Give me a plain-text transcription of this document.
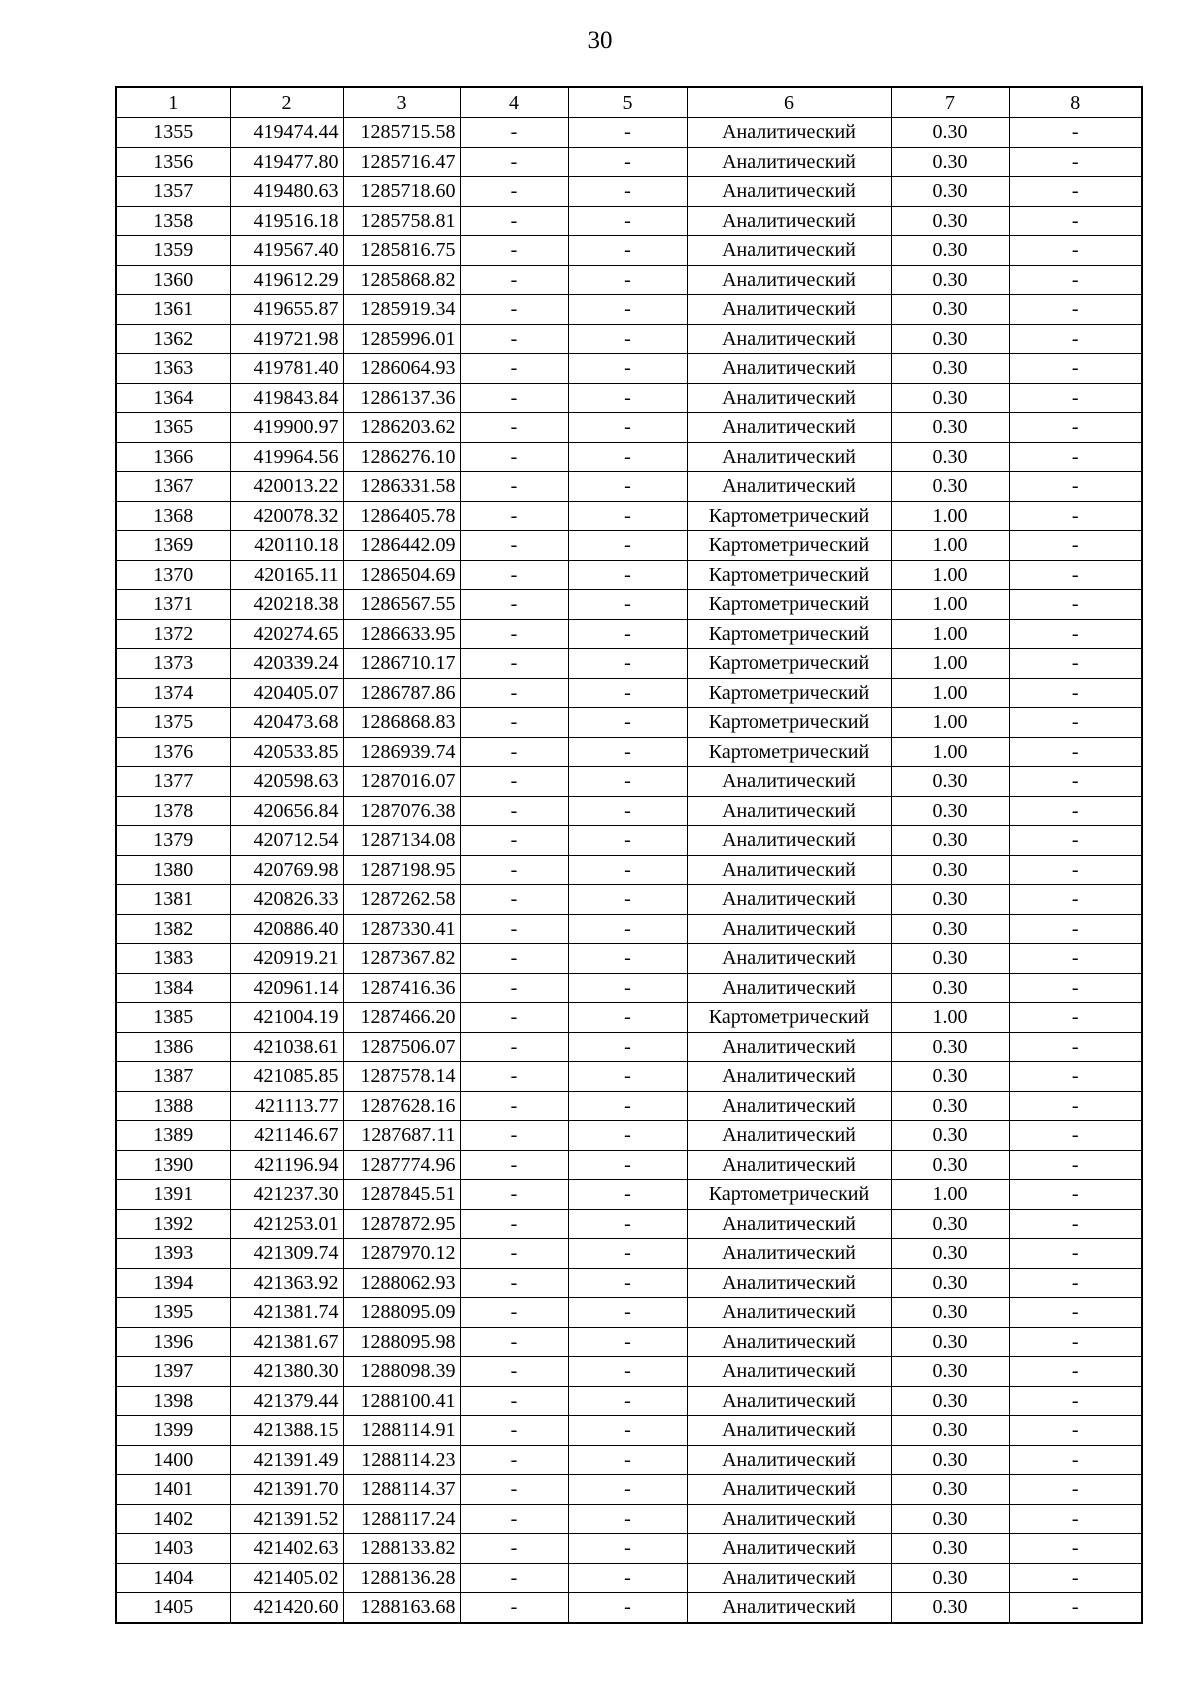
30
1	2	3	4	5	6	7	8
1355	419474.44	1285715.58	-	-	Аналитический	0.30	-
1356	419477.80	1285716.47	-	-	Аналитический	0.30	-
1357	419480.63	1285718.60	-	-	Аналитический	0.30	-
1358	419516.18	1285758.81	-	-	Аналитический	0.30	-
1359	419567.40	1285816.75	-	-	Аналитический	0.30	-
1360	419612.29	1285868.82	-	-	Аналитический	0.30	-
1361	419655.87	1285919.34	-	-	Аналитический	0.30	-
1362	419721.98	1285996.01	-	-	Аналитический	0.30	-
1363	419781.40	1286064.93	-	-	Аналитический	0.30	-
1364	419843.84	1286137.36	-	-	Аналитический	0.30	-
1365	419900.97	1286203.62	-	-	Аналитический	0.30	-
1366	419964.56	1286276.10	-	-	Аналитический	0.30	-
1367	420013.22	1286331.58	-	-	Аналитический	0.30	-
1368	420078.32	1286405.78	-	-	Картометрический	1.00	-
1369	420110.18	1286442.09	-	-	Картометрический	1.00	-
1370	420165.11	1286504.69	-	-	Картометрический	1.00	-
1371	420218.38	1286567.55	-	-	Картометрический	1.00	-
1372	420274.65	1286633.95	-	-	Картометрический	1.00	-
1373	420339.24	1286710.17	-	-	Картометрический	1.00	-
1374	420405.07	1286787.86	-	-	Картометрический	1.00	-
1375	420473.68	1286868.83	-	-	Картометрический	1.00	-
1376	420533.85	1286939.74	-	-	Картометрический	1.00	-
1377	420598.63	1287016.07	-	-	Аналитический	0.30	-
1378	420656.84	1287076.38	-	-	Аналитический	0.30	-
1379	420712.54	1287134.08	-	-	Аналитический	0.30	-
1380	420769.98	1287198.95	-	-	Аналитический	0.30	-
1381	420826.33	1287262.58	-	-	Аналитический	0.30	-
1382	420886.40	1287330.41	-	-	Аналитический	0.30	-
1383	420919.21	1287367.82	-	-	Аналитический	0.30	-
1384	420961.14	1287416.36	-	-	Аналитический	0.30	-
1385	421004.19	1287466.20	-	-	Картометрический	1.00	-
1386	421038.61	1287506.07	-	-	Аналитический	0.30	-
1387	421085.85	1287578.14	-	-	Аналитический	0.30	-
1388	421113.77	1287628.16	-	-	Аналитический	0.30	-
1389	421146.67	1287687.11	-	-	Аналитический	0.30	-
1390	421196.94	1287774.96	-	-	Аналитический	0.30	-
1391	421237.30	1287845.51	-	-	Картометрический	1.00	-
1392	421253.01	1287872.95	-	-	Аналитический	0.30	-
1393	421309.74	1287970.12	-	-	Аналитический	0.30	-
1394	421363.92	1288062.93	-	-	Аналитический	0.30	-
1395	421381.74	1288095.09	-	-	Аналитический	0.30	-
1396	421381.67	1288095.98	-	-	Аналитический	0.30	-
1397	421380.30	1288098.39	-	-	Аналитический	0.30	-
1398	421379.44	1288100.41	-	-	Аналитический	0.30	-
1399	421388.15	1288114.91	-	-	Аналитический	0.30	-
1400	421391.49	1288114.23	-	-	Аналитический	0.30	-
1401	421391.70	1288114.37	-	-	Аналитический	0.30	-
1402	421391.52	1288117.24	-	-	Аналитический	0.30	-
1403	421402.63	1288133.82	-	-	Аналитический	0.30	-
1404	421405.02	1288136.28	-	-	Аналитический	0.30	-
1405	421420.60	1288163.68	-	-	Аналитический	0.30	-
